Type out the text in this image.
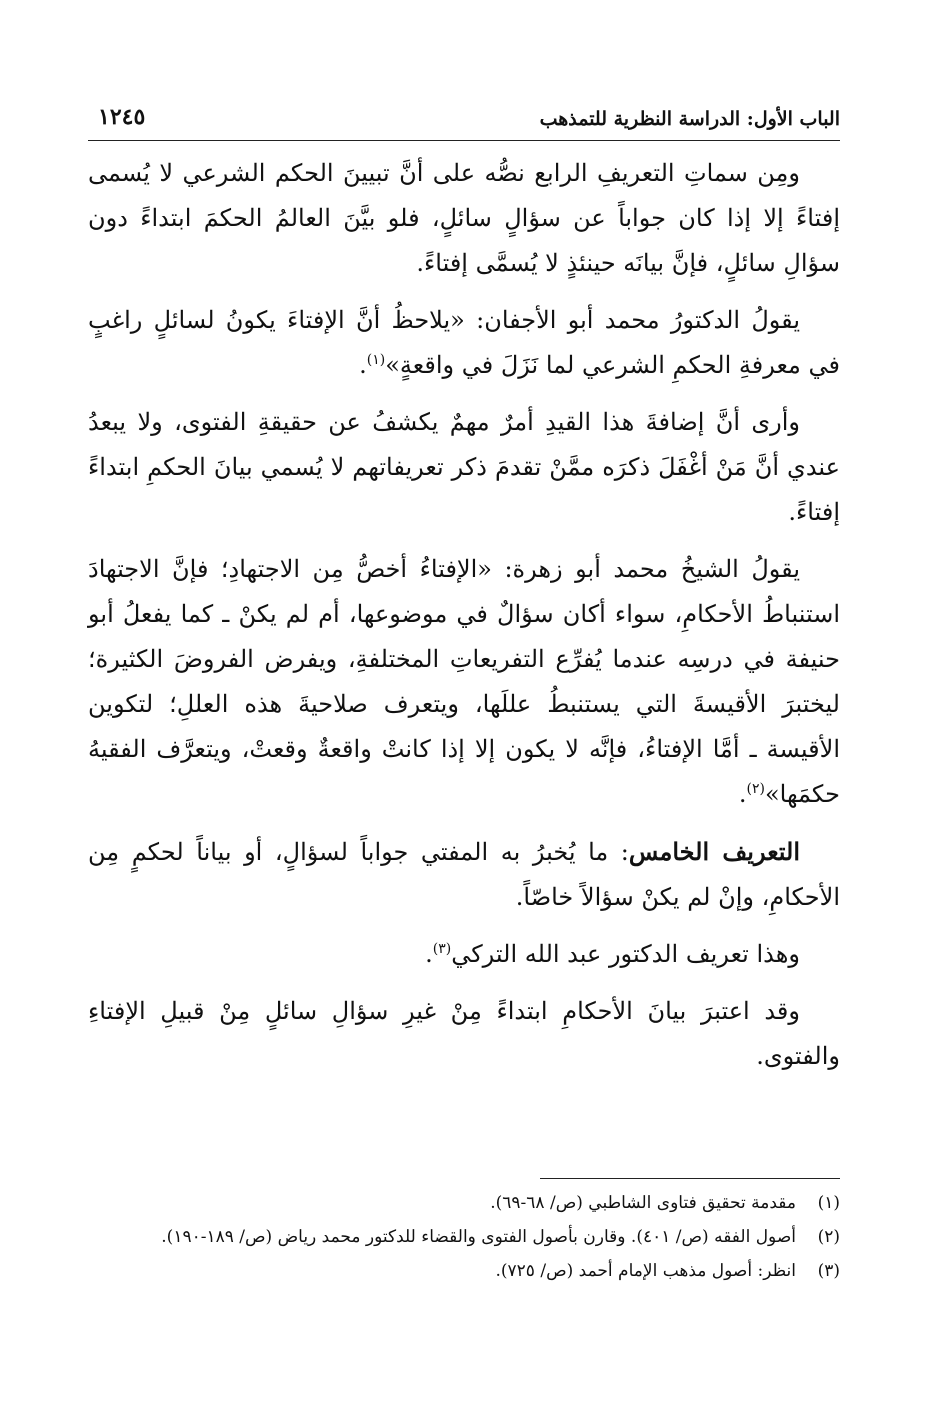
الباب الأول: الدراسة النظرية للتمذهب
١٢٤٥

ومِن سماتِ التعريفِ الرابع نصُّه على أنَّ تبيينَ الحكم الشرعي لا يُسمى إفتاءً إلا إذا كان جواباً عن سؤالٍ سائلٍ، فلو بيَّنَ العالمُ الحكمَ ابتداءً دون سؤالِ سائلٍ، فإنَّ بيانَه حينئذٍ لا يُسمَّى إفتاءً.

يقولُ الدكتورُ محمد أبو الأجفان: «يلاحظُ أنَّ الإفتاءَ يكونُ لسائلٍ راغبٍ في معرفةِ الحكمِ الشرعي لما نَزَلَ في واقعةٍ»$^{(١)}$.

وأرى أنَّ إضافةَ هذا القيدِ أمرٌ مهمٌ يكشفُ عن حقيقةِ الفتوى، ولا يبعدُ عندي أنَّ مَنْ أغْفَلَ ذكرَه ممَّنْ تقدمَ ذكر تعريفاتهم لا يُسمي بيانَ الحكمِ ابتداءً إفتاءً.

يقولُ الشيخُ محمد أبو زهرة: «الإفتاءُ أخصُّ مِن الاجتهادِ؛ فإنَّ الاجتهادَ استنباطُ الأحكامِ، سواء أكان سؤالٌ في موضوعها، أم لم يكنْ ـ كما يفعلُ أبو حنيفة في درسِه عندما يُفرِّع التفريعاتِ المختلفةِ، ويفرض الفروضَ الكثيرة؛ ليختبرَ الأقيسةَ التي يستنبطُ عللَها، ويتعرف صلاحيةَ هذه العللِ؛ لتكوين الأقيسة ـ أمَّا الإفتاءُ، فإنَّه لا يكون إلا إذا كانتْ واقعةٌ وقعتْ، ويتعرَّف الفقيهُ حكمَها»$^{(٢)}$.

التعريف الخامس: ما يُخبرُ به المفتي جواباً لسؤالٍ، أو بياناً لحكمٍ مِن الأحكامِ، وإنْ لم يكنْ سؤالاً خاصّاً.

وهذا تعريف الدكتور عبد الله التركي$^{(٣)}$.

وقد اعتبرَ بيانَ الأحكامِ ابتداءً مِنْ غيرِ سؤالِ سائلٍ مِنْ قبيلِ الإفتاءِ والفتوى.

(١)
مقدمة تحقيق فتاوى الشاطبي (ص/ ٦٨-٦٩).
(٢)
أصول الفقه (ص/ ٤٠١). وقارن بأصول الفتوى والقضاء للدكتور محمد رياض (ص/ ١٨٩-١٩٠).
(٣)
انظر: أصول مذهب الإمام أحمد (ص/ ٧٢٥).
